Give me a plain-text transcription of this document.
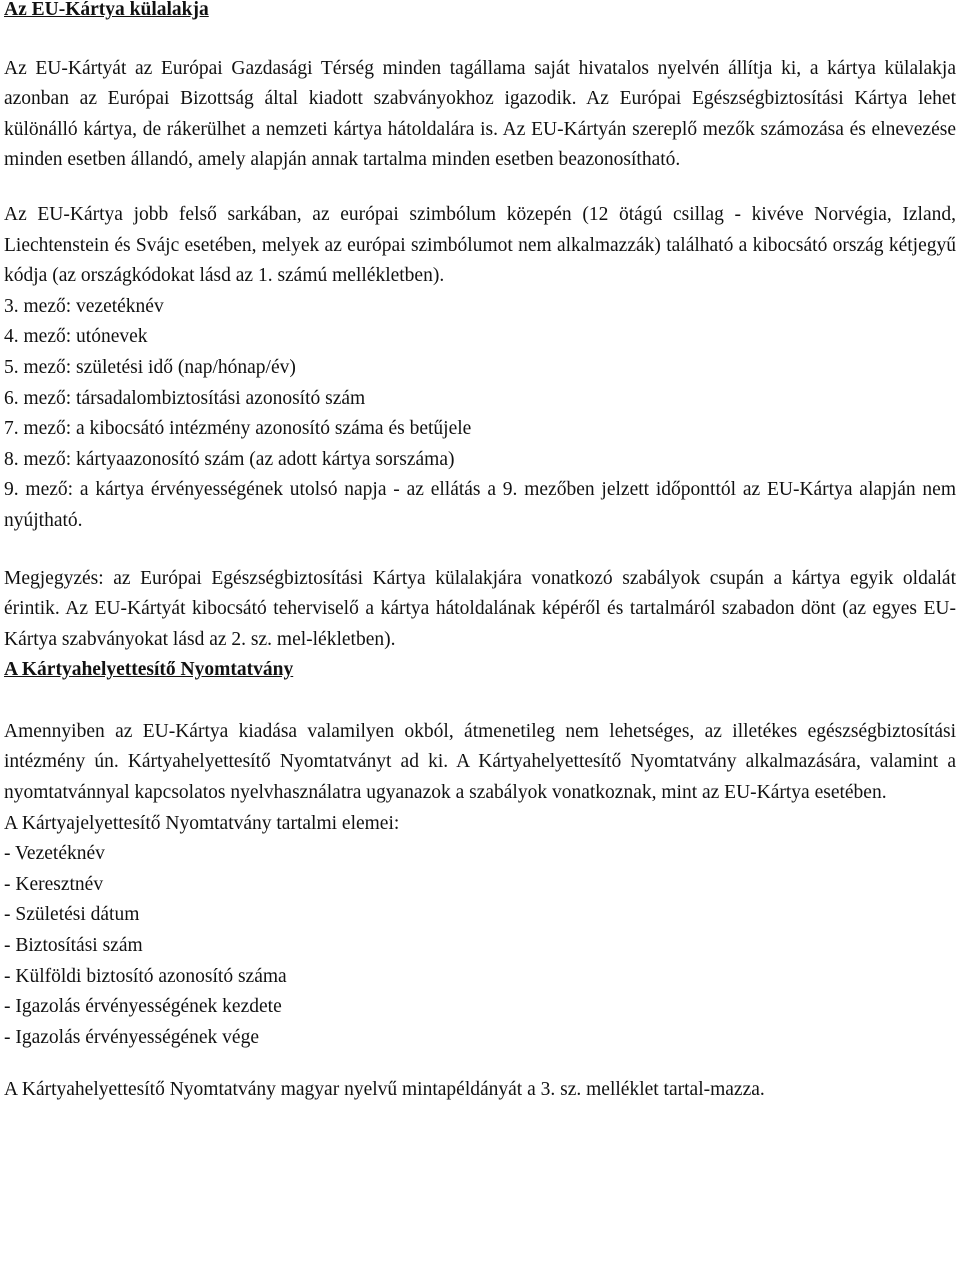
Az EU-Kártya külalakja

Az EU-Kártyát az Európai Gazdasági Térség minden tagállama saját hivatalos nyelvén állítja ki, a kártya külalakja azonban az Európai Bizottság által kiadott szabványokhoz igazodik. Az Európai Egészségbiztosítási Kártya lehet különálló kártya, de rákerülhet a nemzeti kártya hátoldalára is. Az EU-Kártyán szereplő mezők számozása és elnevezése minden esetben állandó, amely alapján annak tartalma minden esetben beazonosítható.

Az EU-Kártya jobb felső sarkában, az európai szimbólum közepén (12 ötágú csillag - kivéve Norvégia, Izland, Liechtenstein és Svájc esetében, melyek az európai szimbólumot nem alkalmazzák) található a kibocsátó ország kétjegyű kódja (az országkódokat lásd az 1. számú mellékletben).

3. mező: vezetéknév
4. mező: utónevek
5. mező: születési idő (nap/hónap/év)
6. mező: társadalombiztosítási azonosító szám
7. mező: a kibocsátó intézmény azonosító száma és betűjele
8. mező: kártyaazonosító szám (az adott kártya sorszáma)

9. mező: a kártya érvényességének utolsó napja - az ellátás a 9. mezőben jelzett időponttól az EU-Kártya alapján nem nyújtható.

Megjegyzés: az Európai Egészségbiztosítási Kártya külalakjára vonatkozó szabályok csupán a kártya egyik oldalát érintik. Az EU-Kártyát kibocsátó teherviselő a kártya hátoldalának képéről és tartalmáról szabadon dönt (az egyes EU-Kártya szabványokat lásd az 2. sz. mel-lékletben).

A Kártyahelyettesítő Nyomtatvány

Amennyiben az EU-Kártya kiadása valamilyen okból, átmenetileg nem lehetséges, az illetékes egészségbiztosítási intézmény ún. Kártyahelyettesítő Nyomtatványt ad ki. A Kártyahelyettesítő Nyomtatvány alkalmazására, valamint a nyomtatvánnyal kapcsolatos nyelvhasználatra ugyanazok a szabályok vonatkoznak, mint az EU-Kártya esetében.

A Kártyajelyettesítő Nyomtatvány tartalmi elemei:

- Vezetéknév
- Keresztnév
- Születési dátum
- Biztosítási szám
- Külföldi biztosító azonosító száma
- Igazolás érvényességének kezdete
- Igazolás érvényességének vége

A Kártyahelyettesítő Nyomtatvány magyar nyelvű mintapéldányát a 3. sz. melléklet tartal-mazza.
